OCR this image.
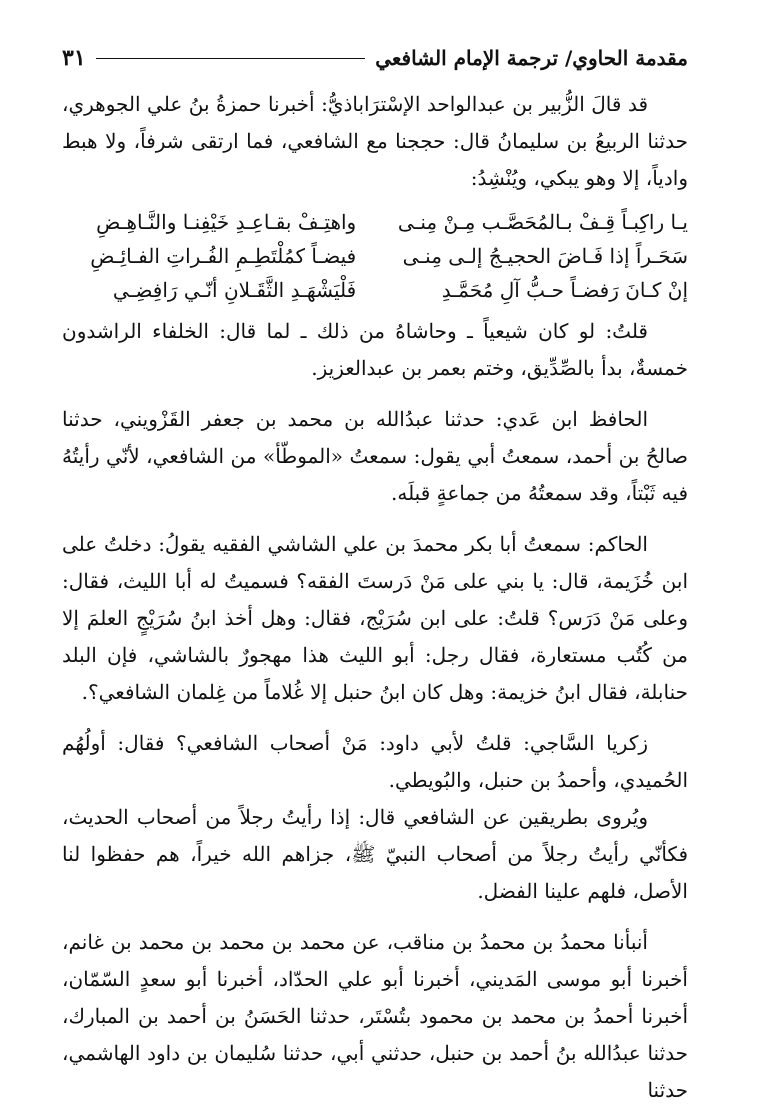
مقدمة الحاوي/ ترجمة الإمام الشافعي
٣١

قد قالَ الزُّبير بن عبدالواحد الإسْترَاباذيُّ: أخبرنا حمزةُ بنُ علي الجوهري، حدثنا الربيعُ بن سليمانُ قال: حججنا مع الشافعي، فما ارتقى شرفاً، ولا هبط وادياً، إلا وهو يبكي، ويُنْشِدُ:

يـا راكِبـاً قِـفْ بـالمُحَصَّـب مِـنْ مِنـى
واهتِـفْ بقـاعِـدِ خَيْفِنـا والنَّـاهِـضِ
سَحَـراً إذا فَـاضَ الحجيـجُ إلـى مِنـى
فيضـاً كمُلْتَطِـمِ الفُـراتِ الفـائِـضِ
إنْ كـانَ رَفضـاً حـبُّ آلِ مُحَمَّـدِ
فَلْيَشْهَـدِ الثَّقَـلانِ أنّـي رَافِضِـي

قلتُ: لو كان شيعياً ـ وحاشاهُ من ذلك ـ لما قال: الخلفاء الراشدون خمسةٌ، بدأ بالصِّدِّيق، وختم بعمر بن عبدالعزيز.

الحافظ ابن عَدي: حدثنا عبدُالله بن محمد بن جعفر القَزْويني، حدثنا صالحُ بن أحمد، سمعتُ أبي يقول: سمعتُ «الموطّأ» من الشافعي، لأنّي رأيتُهُ فيه ثَبْتاً، وقد سمعتُهُ من جماعةٍ قبلَه.

الحاكم: سمعتُ أبا بكر محمدَ بن علي الشاشي الفقيه يقولُ: دخلتُ على ابن خُزَيمة، قال: يا بني على مَنْ دَرستَ الفقه؟ فسميتُ له أبا الليث، فقال: وعلى مَنْ دَرَس؟ قلتُ: على ابن سُرَيْج، فقال: وهل أخذ ابنُ سُرَيْجٍ العلمَ إلا من كُتُب مستعارة، فقال رجل: أبو الليث هذا مهجورٌ بالشاشي، فإن البلد حنابلة، فقال ابنُ خزيمة: وهل كان ابنُ حنبل إلا غُلاماً من غِلمان الشافعي؟.

زكريا السَّاجي: قلتُ لأبي داود: مَنْ أصحاب الشافعي؟ فقال: أولُهُم الحُميدي، وأحمدُ بن حنبل، والبُويطي.

ويُروى بطريقين عن الشافعي قال: إذا رأيتُ رجلاً من أصحاب الحديث، فكأنّي رأيتُ رجلاً من أصحاب النبيّ ﷺ، جزاهم الله خيراً، هم حفظوا لنا الأصل، فلهم علينا الفضل.

أنبأنا محمدُ بن محمدُ بن مناقب، عن محمد بن محمد بن محمد بن غانم، أخبرنا أبو موسى المَديني، أخبرنا أبو علي الحدّاد، أخبرنا أبو سعدٍ السّمّان، أخبرنا أحمدُ بن محمد بن محمود بتُسْتَر، حدثنا الحَسَنُ بن أحمد بن المبارك، حدثنا عبدُالله بنُ أحمد بن حنبل، حدثني أبي، حدثنا سُليمان بن داود الهاشمي، حدثنا
